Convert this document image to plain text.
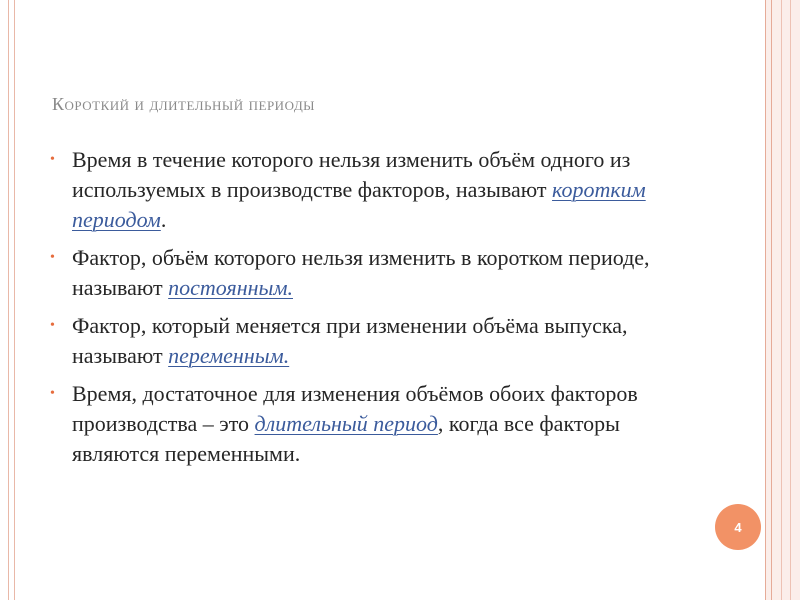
Короткий и длительный периоды
• Время в течение которого нельзя изменить объём одного из используемых в производстве факторов, называют коротким периодом.
• Фактор, объём которого нельзя изменить в коротком периоде, называют постоянным.
• Фактор, который меняется при изменении объёма выпуска, называют переменным.
• Время, достаточное для изменения объёмов обоих факторов производства – это длительный период, когда все факторы являются переменными.
4
